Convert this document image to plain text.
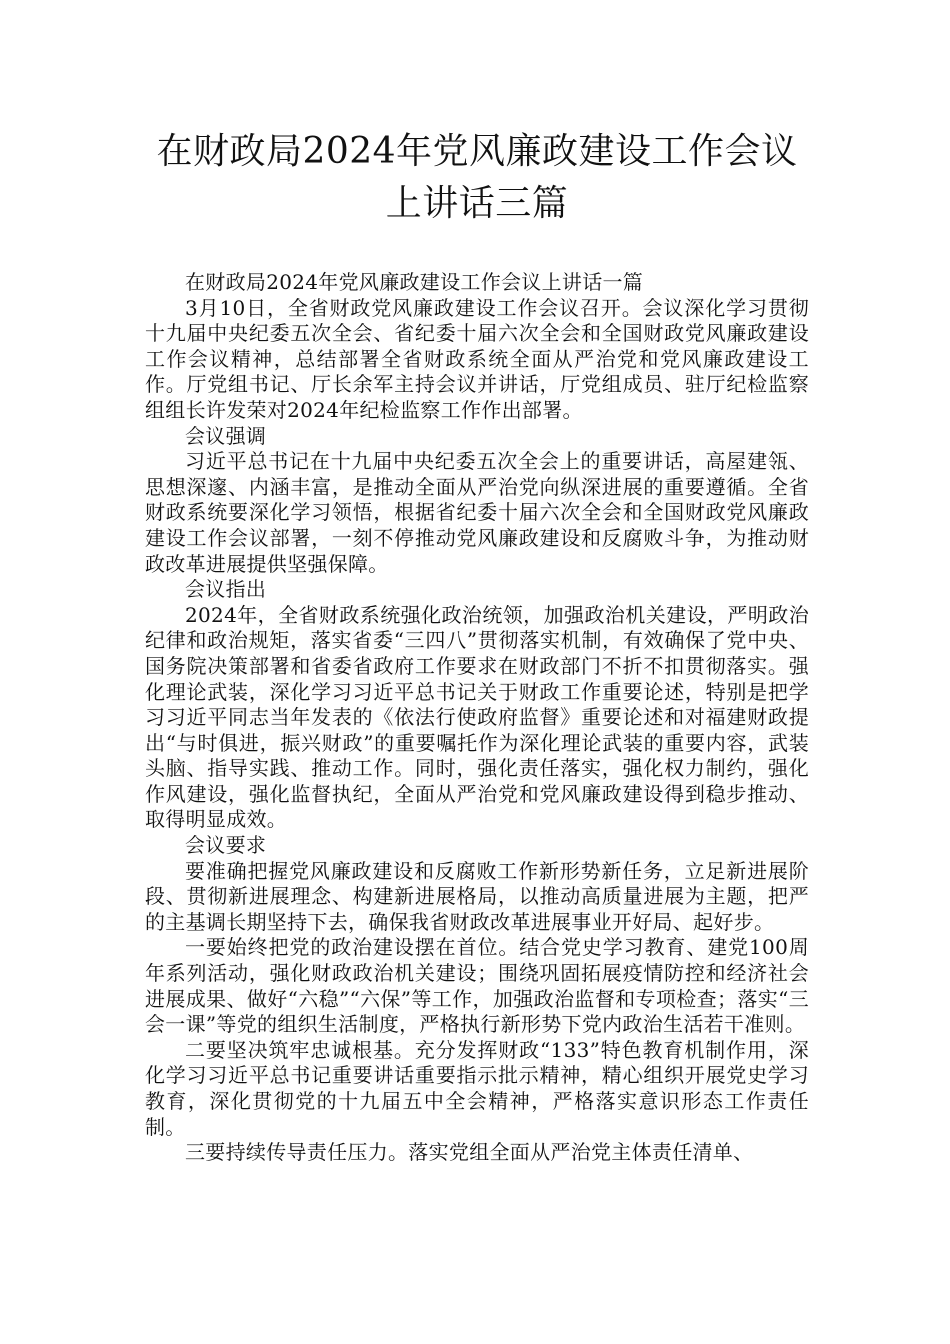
在财政局2024年党风廉政建设工作会议上讲话三篇

在财政局2024年党风廉政建设工作会议上讲话一篇

3月10日，全省财政党风廉政建设工作会议召开。会议深化学习贯彻十九届中央纪委五次全会、省纪委十届六次全会和全国财政党风廉政建设工作会议精神，总结部署全省财政系统全面从严治党和党风廉政建设工作。厅党组书记、厅长余军主持会议并讲话，厅党组成员、驻厅纪检监察组组长许发荣对2024年纪检监察工作作出部署。

会议强调

习近平总书记在十九届中央纪委五次全会上的重要讲话，高屋建瓴、思想深邃、内涵丰富，是推动全面从严治党向纵深进展的重要遵循。全省财政系统要深化学习领悟，根据省纪委十届六次全会和全国财政党风廉政建设工作会议部署，一刻不停推动党风廉政建设和反腐败斗争，为推动财政改革进展提供坚强保障。

会议指出

2024年，全省财政系统强化政治统领，加强政治机关建设，严明政治纪律和政治规矩，落实省委“三四八”贯彻落实机制，有效确保了党中央、国务院决策部署和省委省政府工作要求在财政部门不折不扣贯彻落实。强化理论武装，深化学习习近平总书记关于财政工作重要论述，特别是把学习习近平同志当年发表的《依法行使政府监督》重要论述和对福建财政提出“与时俱进，振兴财政”的重要嘱托作为深化理论武装的重要内容，武装头脑、指导实践、推动工作。同时，强化责任落实，强化权力制约，强化作风建设，强化监督执纪，全面从严治党和党风廉政建设得到稳步推动、取得明显成效。

会议要求

要准确把握党风廉政建设和反腐败工作新形势新任务，立足新进展阶段、贯彻新进展理念、构建新进展格局，以推动高质量进展为主题，把严的主基调长期坚持下去，确保我省财政改革进展事业开好局、起好步。

一要始终把党的政治建设摆在首位。结合党史学习教育、建党100周年系列活动，强化财政政治机关建设；围绕巩固拓展疫情防控和经济社会进展成果、做好“六稳”“六保”等工作，加强政治监督和专项检查；落实“三会一课”等党的组织生活制度，严格执行新形势下党内政治生活若干准则。

二要坚决筑牢忠诚根基。充分发挥财政“133”特色教育机制作用，深化学习习近平总书记重要讲话重要指示批示精神，精心组织开展党史学习教育，深化贯彻党的十九届五中全会精神，严格落实意识形态工作责任制。

三要持续传导责任压力。落实党组全面从严治党主体责任清单、
